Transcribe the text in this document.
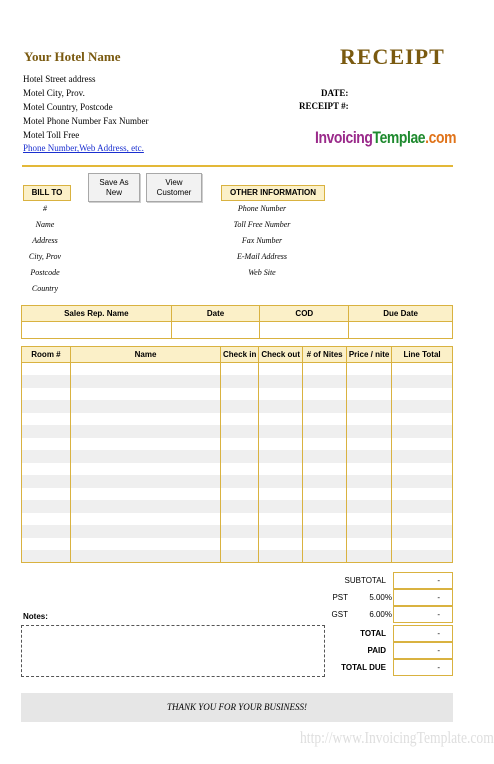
Your Hotel Name	RECEIPT
Hotel Street address
Motel City, Prov.
Motel Country, Postcode
Motel Phone Number Fax Number
Motel Toll Free
Phone Number,Web Address, etc.
DATE:
RECEIPT #:
InvoicingTemplae.com
BILL TO
Save As
New
View
Customer
#
Name
Address
City, Prov
Postcode
Country
OTHER INFORMATION
Phone Number
Toll Free Number
Fax Number
E-Mail Address
Web Site
Sales Rep. Name	Date	COD	Due Date

Room #	Name	Check in	Check out	# of Nites	Price / nite	Line Total

SUBTOTAL	-
PST	5.00%	-
GST	6.00%	-
TOTAL	-
PAID	-
TOTAL DUE	-
Notes:
THANK YOU FOR YOUR BUSINESS!
http://www.InvoicingTemplate.com
